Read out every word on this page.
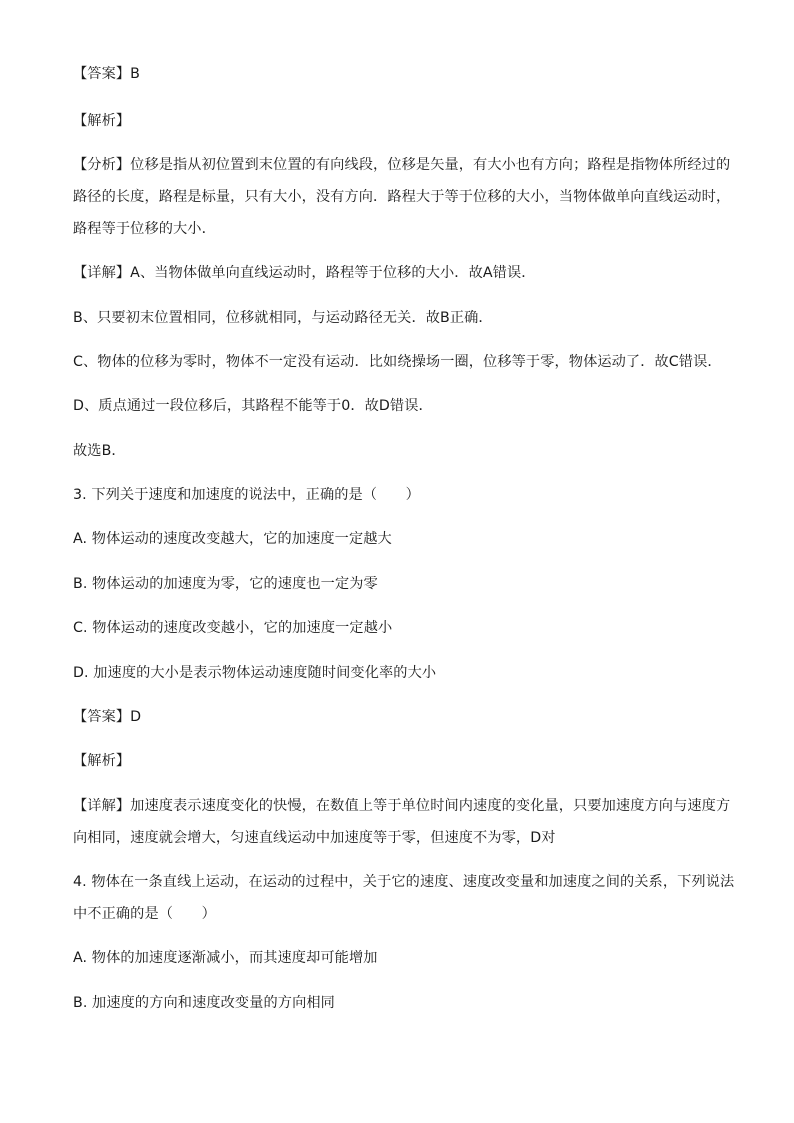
【答案】B
【解析】
【分析】位移是指从初位置到末位置的有向线段，位移是矢量，有大小也有方向；路程是指物体所经过的
路径的长度，路程是标量，只有大小，没有方向．路程大于等于位移的大小，当物体做单向直线运动时，
路程等于位移的大小．
【详解】A、当物体做单向直线运动时，路程等于位移的大小．故A错误．
B、只要初末位置相同，位移就相同，与运动路径无关．故B正确．
C、物体的位移为零时，物体不一定没有运动．比如绕操场一圈，位移等于零，物体运动了．故C错误．
D、质点通过一段位移后，其路程不能等于0．故D错误．
故选B．
3. 下列关于速度和加速度的说法中，正确的是（　　）
A. 物体运动的速度改变越大，它的加速度一定越大
B. 物体运动的加速度为零，它的速度也一定为零
C. 物体运动的速度改变越小，它的加速度一定越小
D. 加速度的大小是表示物体运动速度随时间变化率的大小
【答案】D
【解析】
【详解】加速度表示速度变化的快慢，在数值上等于单位时间内速度的变化量，只要加速度方向与速度方
向相同，速度就会增大，匀速直线运动中加速度等于零，但速度不为零，D对
4. 物体在一条直线上运动，在运动的过程中，关于它的速度、速度改变量和加速度之间的关系，下列说法
中不正确的是（　　）
A. 物体的加速度逐渐减小，而其速度却可能增加
B. 加速度的方向和速度改变量的方向相同
